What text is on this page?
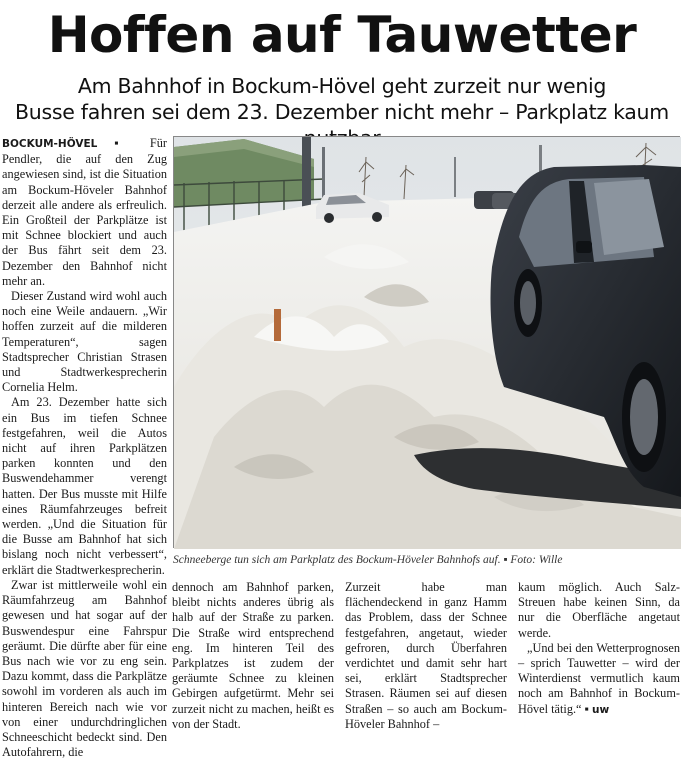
Hoffen auf Tauwetter
Am Bahnhof in Bockum-Hövel geht zurzeit nur wenig
Busse fahren sei dem 23. Dezember nicht mehr – Parkplatz kaum

BOCKUM-HÖVEL ▪ Für Pendler, die auf den Zug angewiesen sind, ist die Situation am Bockum-Höveler Bahnhof derzeit alle andere als erfreulich. Ein Großteil der Parkplätze ist mit Schnee blockiert und auch der Bus fährt seit dem 23. Dezember den Bahnhof nicht mehr an.

Dieser Zustand wird wohl auch noch eine Weile andauern. „Wir hoffen zurzeit auf die milderen Temperaturen“, sagen Stadtsprecher Christian Strasen und Stadtwerkesprecherin Cornelia Helm.

Am 23. Dezember hatte sich ein Bus im tiefen Schnee festgefahren, weil die Autos nicht auf ihren Parkplätzen parken konnten und den Buswendehammer verengt hatten. Der Bus musste mit Hilfe eines Räumfahrzeuges befreit werden. „Und die Situation für die Busse am Bahnhof hat sich bislang noch nicht verbessert“, erklärt die Stadtwerkesprecherin.

Zwar ist mittlerweile wohl ein Räumfahrzeug am Bahnhof gewesen und hat sogar auf der Buswendespur eine Fahrspur geräumt. Die dürfte aber für eine Bus nach wie vor zu eng sein. Dazu kommt, dass die Parkplätze sowohl im vorderen als auch im hinteren Bereich nach wie vor von einer undurchdringlichen Schneeschicht bedeckt sind. Den Autofahrern, die

Schneeberge tun sich am Parkplatz des Bockum-Höveler Bahnhofs auf. ▪ Foto: Wille

dennoch am Bahnhof parken, bleibt nichts anderes übrig als halb auf der Straße zu parken. Die Straße wird entsprechend eng. Im hinteren Teil des Parkplatzes ist zudem der geräumte Schnee zu kleinen Gebirgen aufgetürmt. Mehr sei zurzeit nicht zu machen, heißt es von der Stadt.

Zurzeit habe man flächendeckend in ganz Hamm das Problem, dass der Schnee festgefahren, angetaut, wieder gefroren, durch Überfahren verdichtet und damit sehr hart sei, erklärt Stadtsprecher Strasen. Räumen sei auf diesen Straßen – so auch am Bockum-Höveler Bahnhof –

kaum möglich. Auch Salz-Streuen habe keinen Sinn, da nur die Oberfläche angetaut werde.

„Und bei den Wetterprognosen – sprich Tauwetter – wird der Winterdienst vermutlich kaum noch am Bahnhof in Bockum-Hövel tätig.“ ▪ uw
